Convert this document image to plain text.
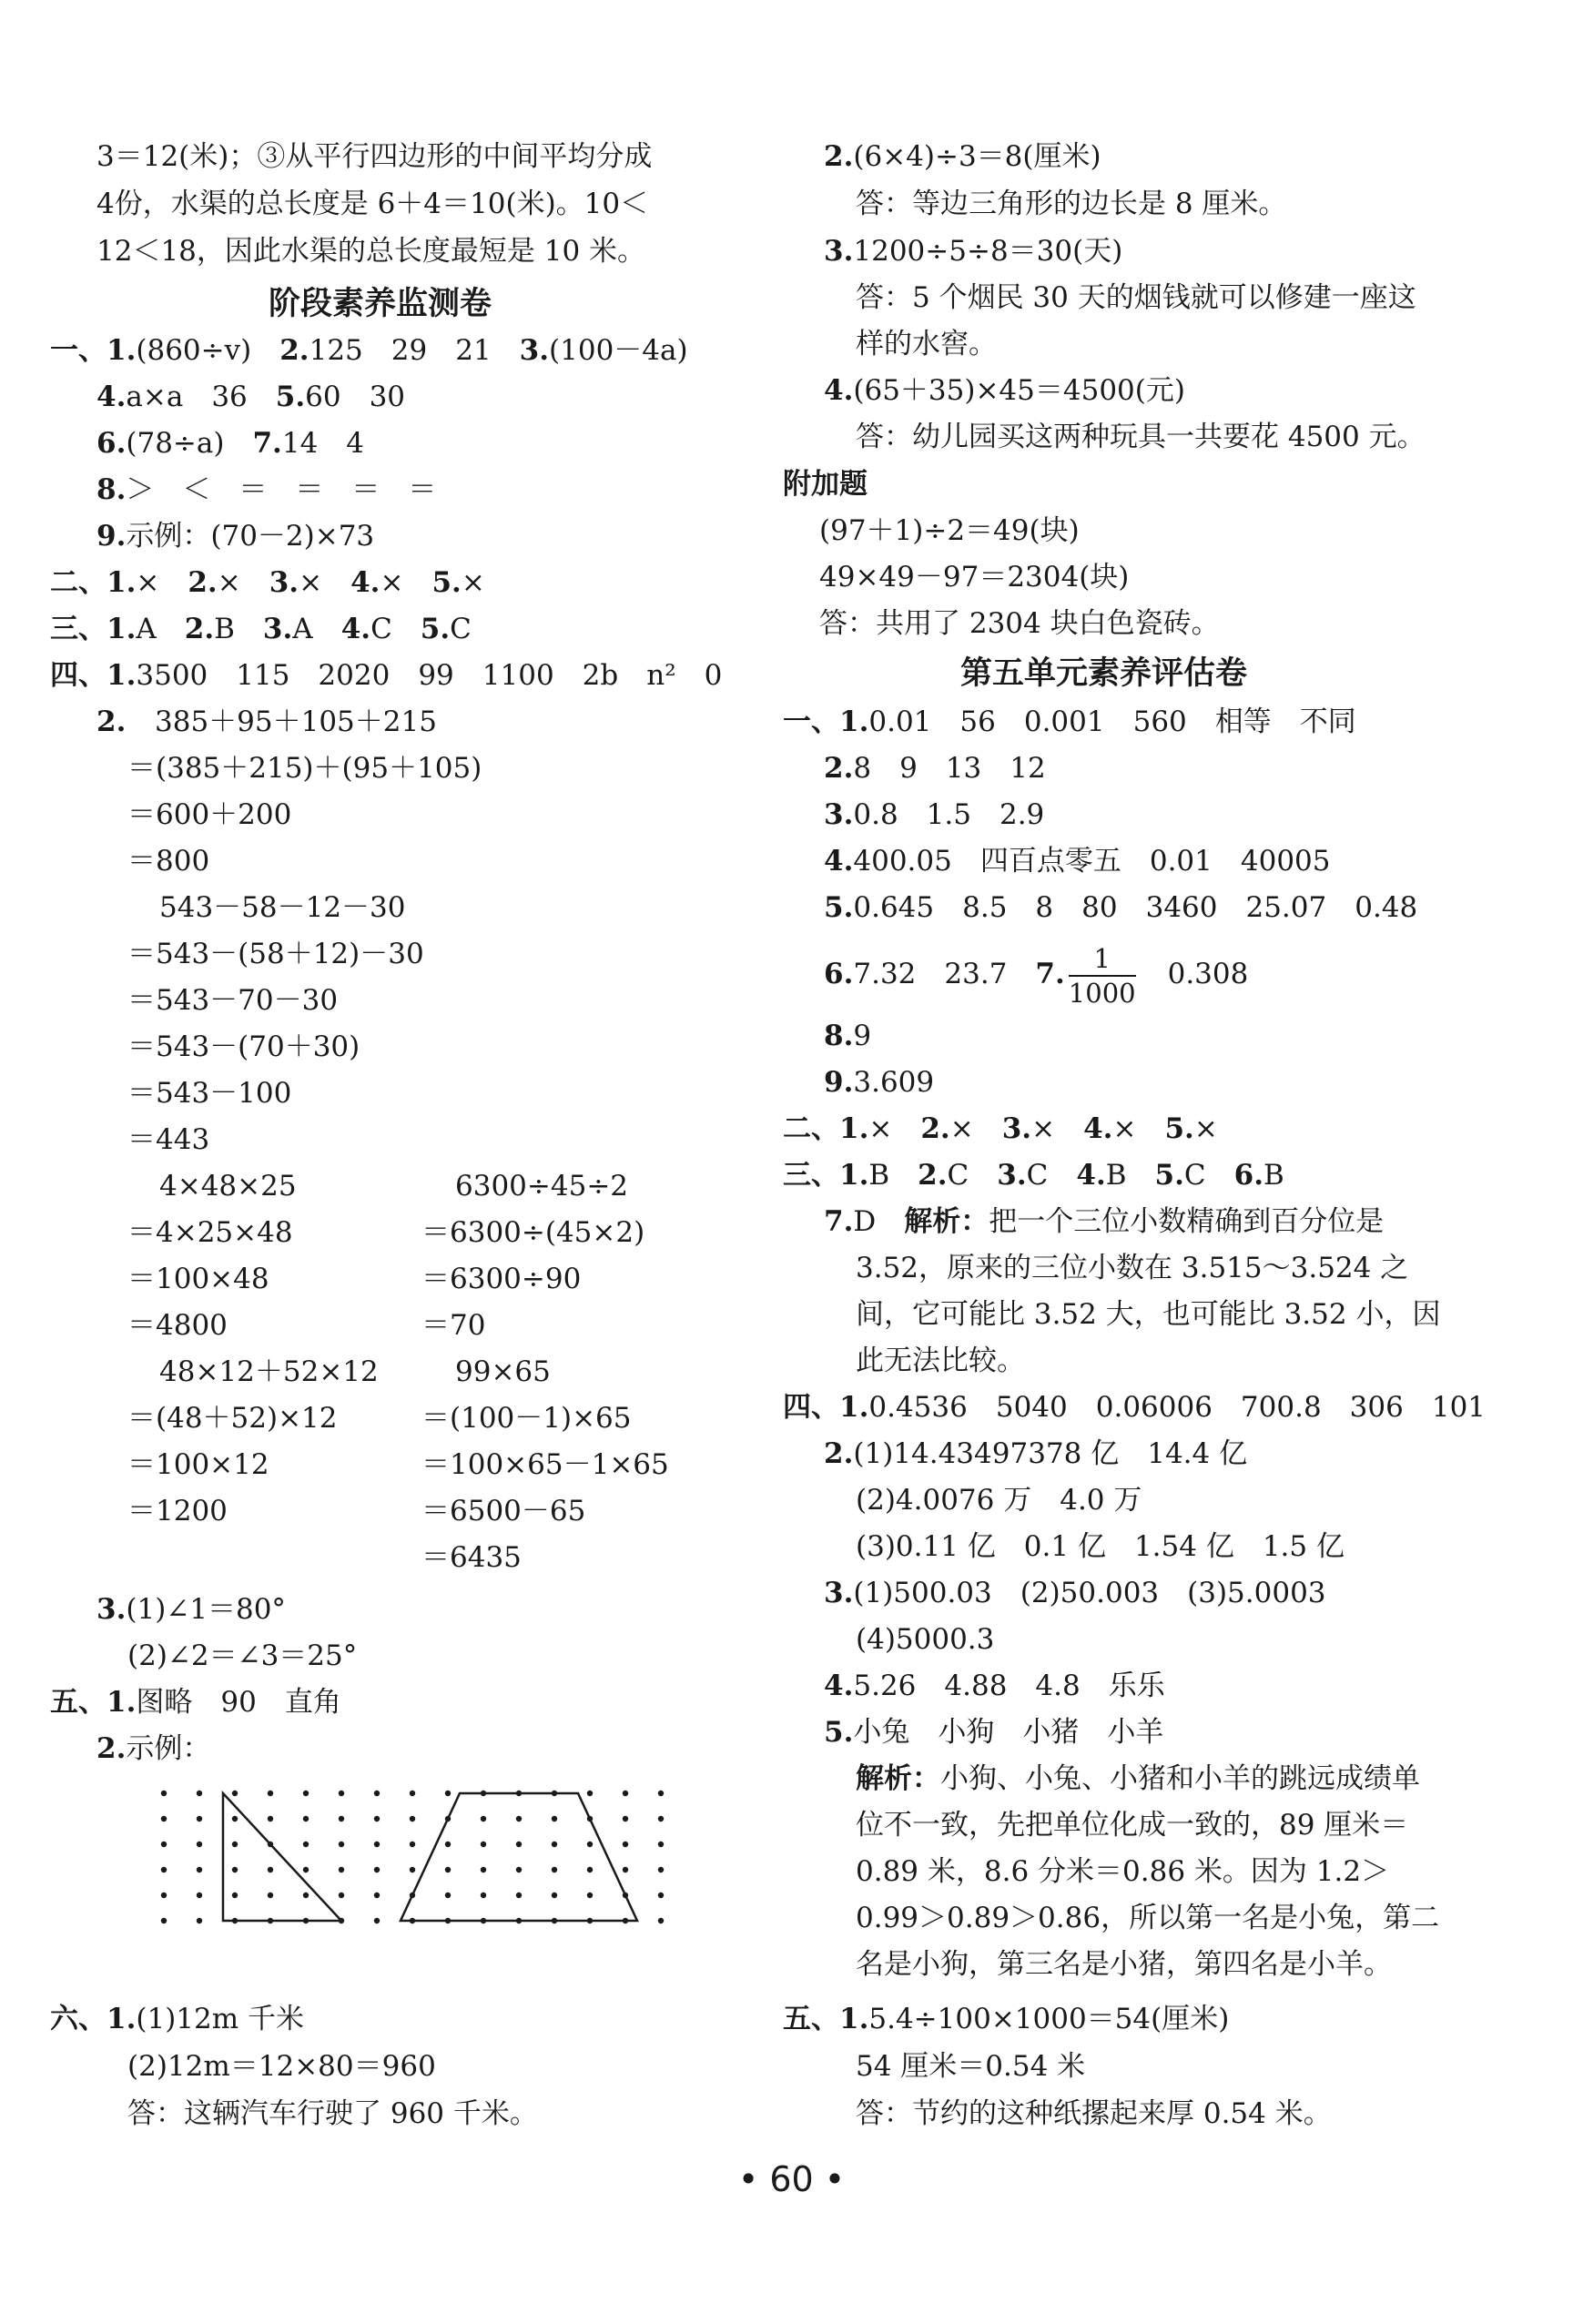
3＝12(米)；③从平行四边形的中间平均分成
4份，水渠的总长度是 6＋4＝10(米)。10＜
12＜18，因此水渠的总长度最短是 10 米。
阶段素养监测卷
一、1.(860÷v)　 2.125　29　21　 3.(100－4a)
4.a×a　36　 5.60　30
6.(78÷a)　 7.14　4
8.＞　＜　＝　＝　＝　＝
9.示例：(70－2)×73
二、1.×　 2.×　 3.×　 4.×　 5.×
三、1.A　 2.B　 3.A　 4.C　 5.C
四、1.3500　115　2020　99　1100　2b　n²　0
2. 385＋95＋105＋215
＝(385＋215)＋(95＋105)
＝600＋200
＝800
543－58－12－30
＝543－(58＋12)－30
＝543－70－30
＝543－(70＋30)
＝543－100
＝443
4×48×25
＝4×25×48
＝100×48
＝4800
48×12＋52×12
＝(48＋52)×12
＝100×12
＝1200
6300÷45÷2
＝6300÷(45×2)
＝6300÷90
＝70
99×65
＝(100－1)×65
＝100×65－1×65
＝6500－65
＝6435
3.(1)∠1＝80°
(2)∠2＝∠3＝25°
五、1.图略　90　直角
2.示例：
六、1.(1)12m 千米
(2)12m＝12×80＝960
答：这辆汽车行驶了 960 千米。
2.(6×4)÷3＝8(厘米)
答：等边三角形的边长是 8 厘米。
3.1200÷5÷8＝30(天)
答：5 个烟民 30 天的烟钱就可以修建一座这
样的水窖。
4.(65＋35)×45＝4500(元)
答：幼儿园买这两种玩具一共要花 4500 元。
附加题
(97＋1)÷2＝49(块)
49×49－97＝2304(块)
答：共用了 2304 块白色瓷砖。
第五单元素养评估卷
一、1.0.01　56　0.001　560　相等　不同
2.8　9　13　12
3.0.8　1.5　2.9
4.400.05　四百点零五　0.01　40005
5.0.645　8.5　8　80　3460　25.07　0.48
6.7.32　23.7　 7. $\frac{1}{1000}$
　 0.308
8.9
9.3.609
二、1.×　 2.×　 3.×　 4.×　 5.×
三、1.B　 2.C　 3.C　 4.B　 5.C　 6.B
7.D　 解析：把一个三位小数精确到百分位是
3.52，原来的三位小数在 3.515～3.524 之
间，它可能比 3.52 大，也可能比 3.52 小，因
此无法比较。
四、1.0.4536　5040　0.06006　700.8　306　101
2.(1)14.43497378 亿　14.4 亿
(2)4.0076 万　4.0 万
(3)0.11 亿　0.1 亿　1.54 亿　1.5 亿
3.(1)500.03　(2)50.003　(3)5.0003
(4)5000.3
4.5.26　4.88　4.8　乐乐
5.小兔　小狗　小猪　小羊
解析：小狗、小兔、小猪和小羊的跳远成绩单
位不一致，先把单位化成一致的，89 厘米＝
0.89 米，8.6 分米＝0.86 米。因为 1.2＞
0.99＞0.89＞0.86，所以第一名是小兔，第二
名是小狗，第三名是小猪，第四名是小羊。
五、1.5.4÷100×1000＝54(厘米)
54 厘米＝0.54 米
答：节约的这种纸摞起来厚 0.54 米。
• 60 •
